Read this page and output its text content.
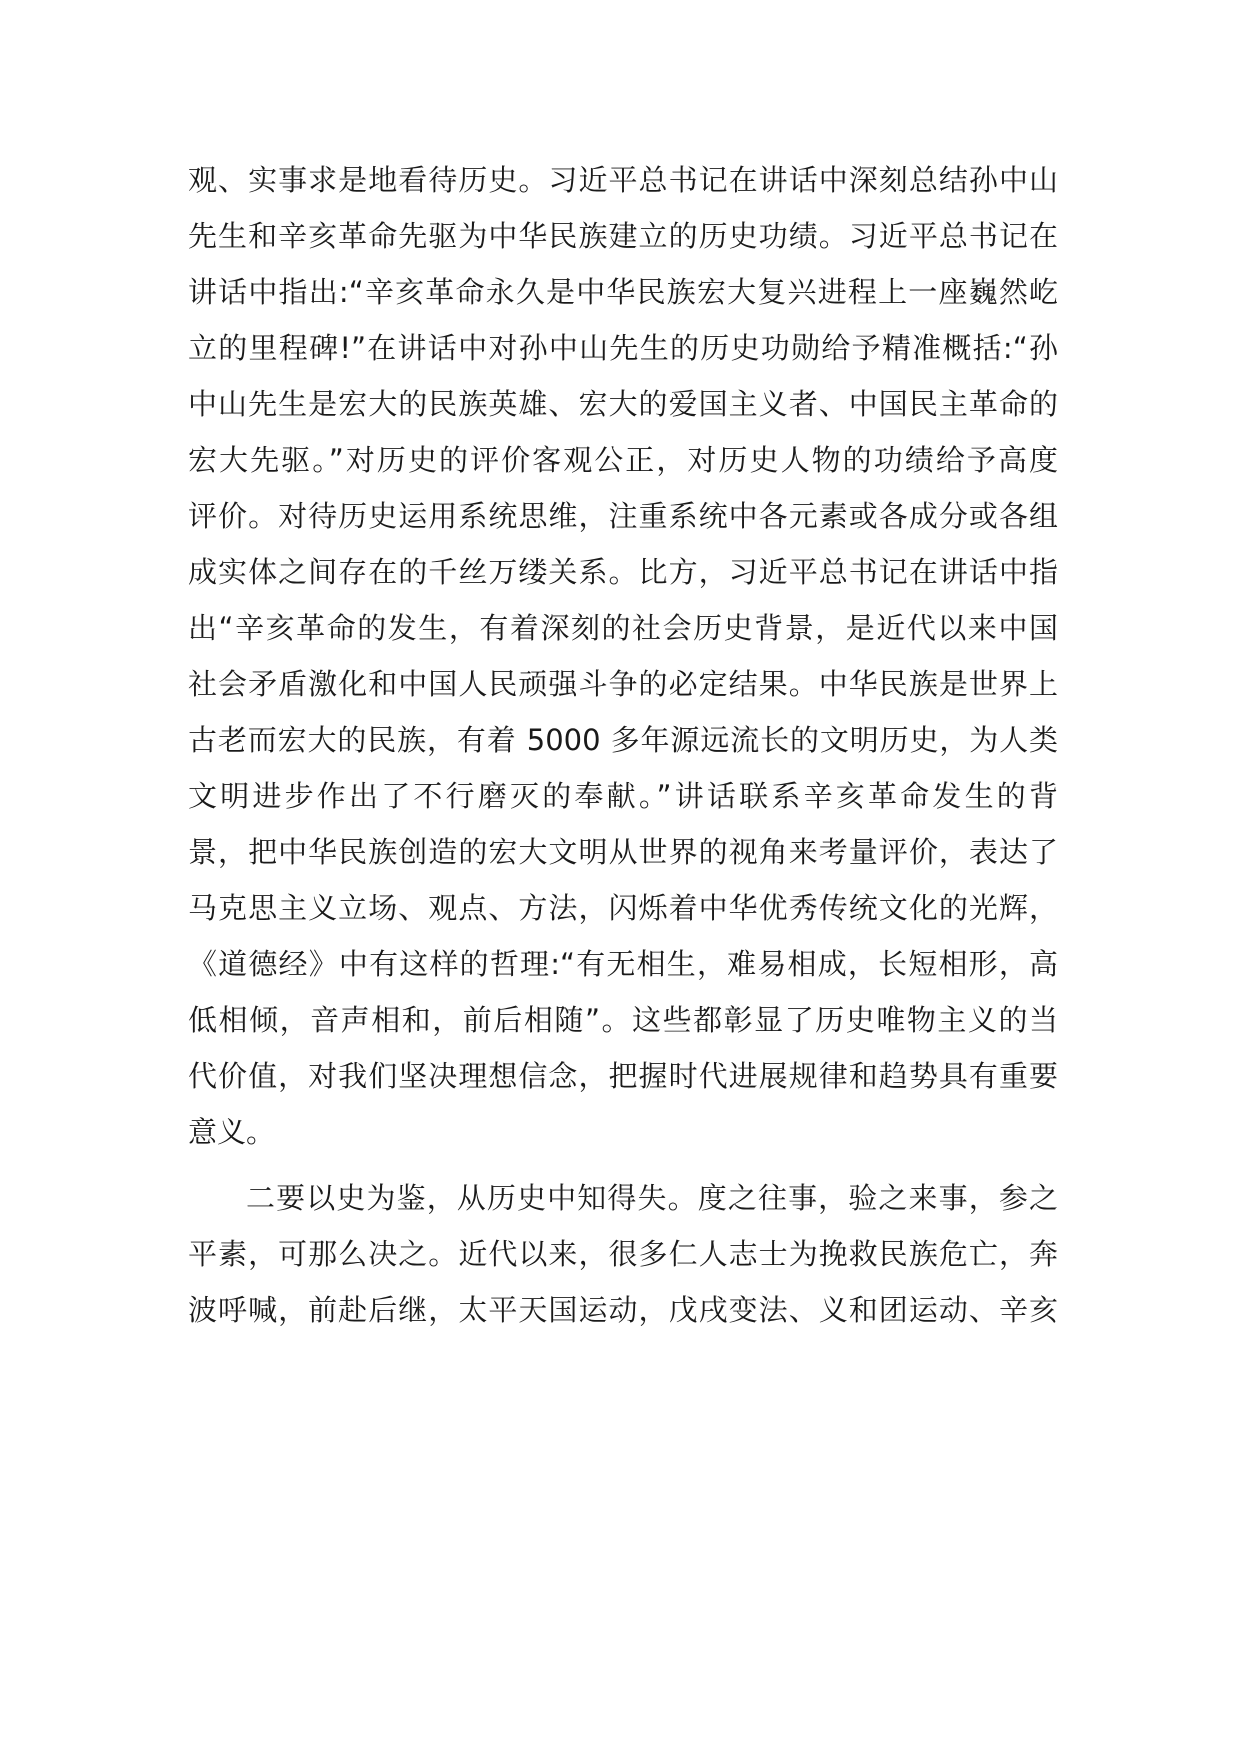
观、实事求是地看待历史。习近平总书记在讲话中深刻总结孙中山
先生和辛亥革命先驱为中华民族建立的历史功绩。习近平总书记在
讲话中指出:“辛亥革命永久是中华民族宏大复兴进程上一座巍然屹
立的里程碑!”在讲话中对孙中山先生的历史功勋给予精准概括:“孙
中山先生是宏大的民族英雄、宏大的爱国主义者、中国民主革命的
宏大先驱。”对历史的评价客观公正，对历史人物的功绩给予高度
评价。对待历史运用系统思维，注重系统中各元素或各成分或各组
成实体之间存在的千丝万缕关系。比方，习近平总书记在讲话中指
出“辛亥革命的发生，有着深刻的社会历史背景，是近代以来中国
社会矛盾激化和中国人民顽强斗争的必定结果。中华民族是世界上
古老而宏大的民族，有着 5000 多年源远流长的文明历史，为人类
文明进步作出了不行磨灭的奉献。”讲话联系辛亥革命发生的背
景，把中华民族创造的宏大文明从世界的视角来考量评价，表达了
马克思主义立场、观点、方法，闪烁着中华优秀传统文化的光辉，
《道德经》中有这样的哲理:“有无相生，难易相成，长短相形，高
低相倾，音声相和，前后相随”。这些都彰显了历史唯物主义的当
代价值，对我们坚决理想信念，把握时代进展规律和趋势具有重要
意义。
二要以史为鉴，从历史中知得失。度之往事，验之来事，参之
平素，可那么决之。近代以来，很多仁人志士为挽救民族危亡，奔
波呼喊，前赴后继，太平天国运动，戊戌变法、义和团运动、辛亥
